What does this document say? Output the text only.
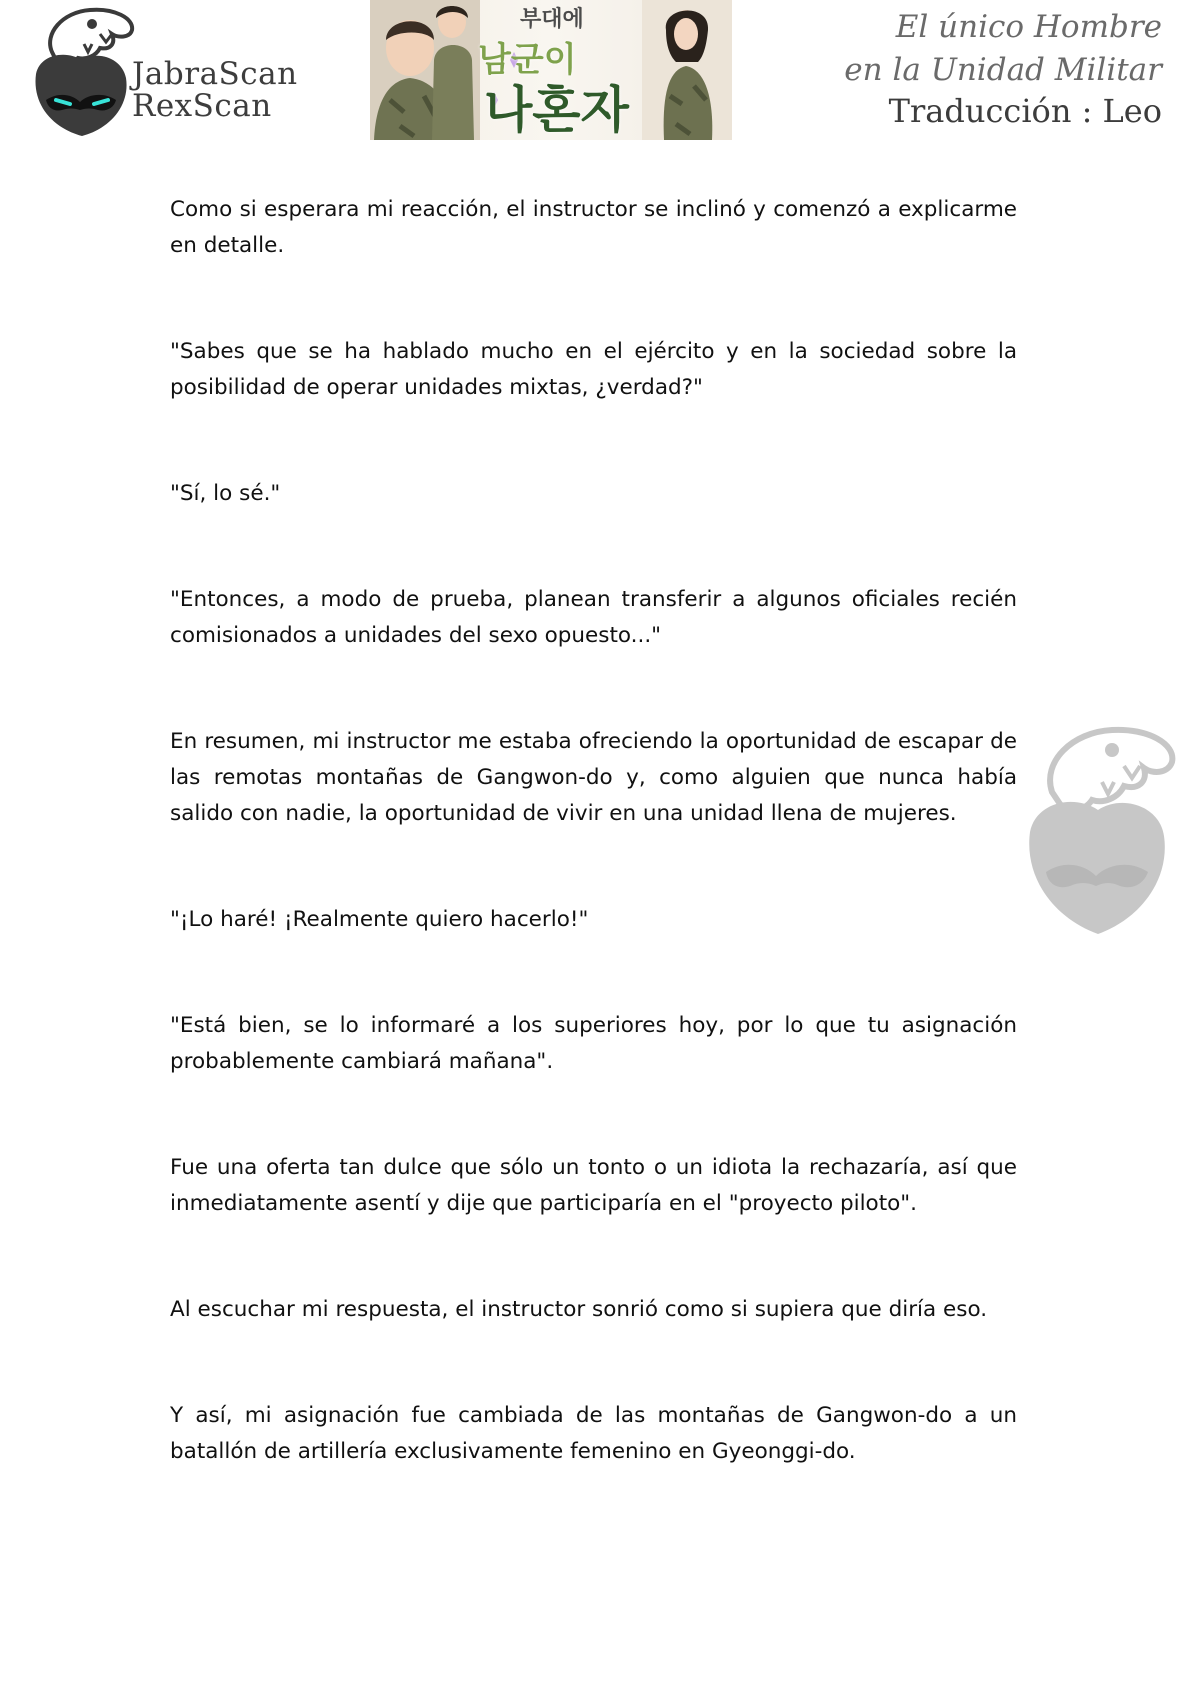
JabraScan
RexScan
부대에
남군이
나혼자
El único Hombre
en la Unidad Militar
Traducción : Leo

Como si esperara mi reacción, el instructor se inclinó y comenzó a explicarme en detalle.

"Sabes que se ha hablado mucho en el ejército y en la sociedad sobre la posibilidad de operar unidades mixtas, ¿verdad?"

"Sí, lo sé."

"Entonces, a modo de prueba, planean transferir a algunos oficiales recién comisionados a unidades del sexo opuesto..."

En resumen, mi instructor me estaba ofreciendo la oportunidad de escapar de las remotas montañas de Gangwon-do y, como alguien que nunca había salido con nadie, la oportunidad de vivir en una unidad llena de mujeres.

"¡Lo haré! ¡Realmente quiero hacerlo!"

"Está bien, se lo informaré a los superiores hoy, por lo que tu asignación probablemente cambiará mañana".

Fue una oferta tan dulce que sólo un tonto o un idiota la rechazaría, así que inmediatamente asentí y dije que participaría en el "proyecto piloto".

Al escuchar mi respuesta, el instructor sonrió como si supiera que diría eso.

Y así, mi asignación fue cambiada de las montañas de Gangwon-do a un batallón de artillería exclusivamente femenino en Gyeonggi-do.
